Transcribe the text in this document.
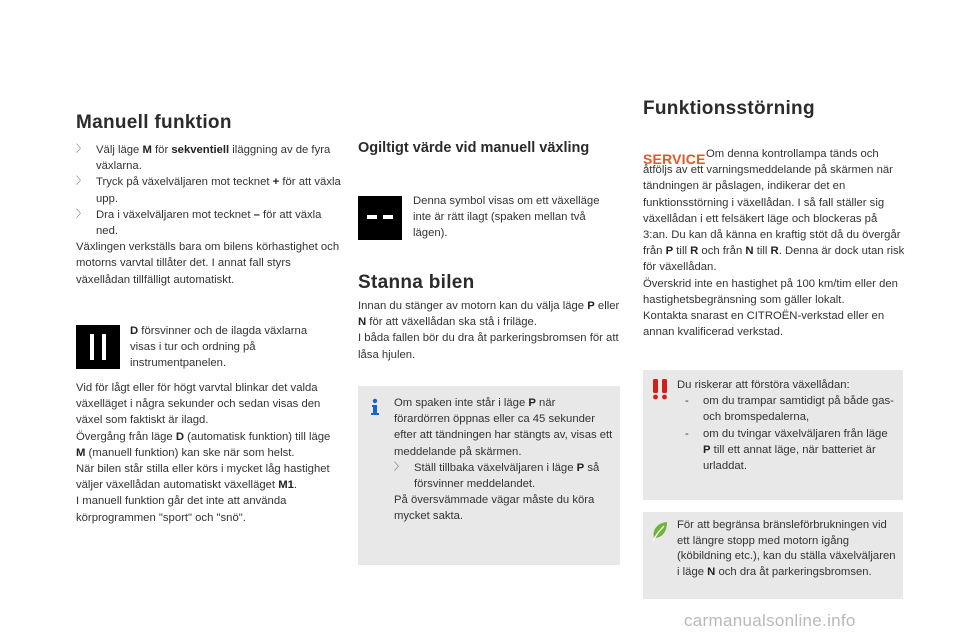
Manuell funktion
〉 Välj läge M för sekventiell iläggning av de fyra växlarna.
〉 Tryck på växelväljaren mot tecknet + för att växla upp.
〉 Dra i växelväljaren mot tecknet – för att växla ned.
Växlingen verkställs bara om bilens körhastighet och motorns varvtal tillåter det. I annat fall styrs växellådan tillfälligt automatiskt.
D försvinner och de ilagda växlarna visas i tur och ordning på instrumentpanelen.
Vid för lågt eller för högt varvtal blinkar det valda växelläget i några sekunder och sedan visas den växel som faktiskt är ilagd.
Övergång från läge D (automatisk funktion) till läge M (manuell funktion) kan ske när som helst.
När bilen står stilla eller körs i mycket låg hastighet väljer växellådan automatiskt växelläget M1.
I manuell funktion går det inte att använda körprogrammen "sport" och "snö".
Ogiltigt värde vid manuell växling
Denna symbol visas om ett växelläge inte är rätt ilagt (spaken mellan två lägen).
Stanna bilen
Innan du stänger av motorn kan du välja läge P eller N för att växellådan ska stå i friläge.
I båda fallen bör du dra åt parkeringsbromsen för att låsa hjulen.
Om spaken inte står i läge P när förardörren öppnas eller ca 45 sekunder efter att tändningen har stängts av, visas ett meddelande på skärmen.
〉 Ställ tillbaka växelväljaren i läge P så försvinner meddelandet.
På översvämmade vägar måste du köra mycket sakta.
Funktionsstörning
SERVICE Om denna kontrollampa tänds och åtföljs av ett varningsmeddelande på skärmen när tändningen är påslagen, indikerar det en funktionsstörning i växellådan. I så fall ställer sig växellådan i ett felsäkert läge och blockeras på 3:an. Du kan då känna en kraftig stöt då du övergår från P till R och från N till R. Denna är dock utan risk för växellådan.
Överskrid inte en hastighet på 100 km/tim eller den hastighetsbegränsning som gäller lokalt.
Kontakta snarast en CITROËN-verkstad eller en annan kvalificerad verkstad.
Du riskerar att förstöra växellådan:
- om du trampar samtidigt på både gas- och bromspedalerna,
- om du tvingar växelväljaren från läge P till ett annat läge, när batteriet är urladdat.
För att begränsa bränsleförbrukningen vid ett längre stopp med motorn igång (köbildning etc.), kan du ställa växelväljaren i läge N och dra åt parkeringsbromsen.
carmanualsonline.info
